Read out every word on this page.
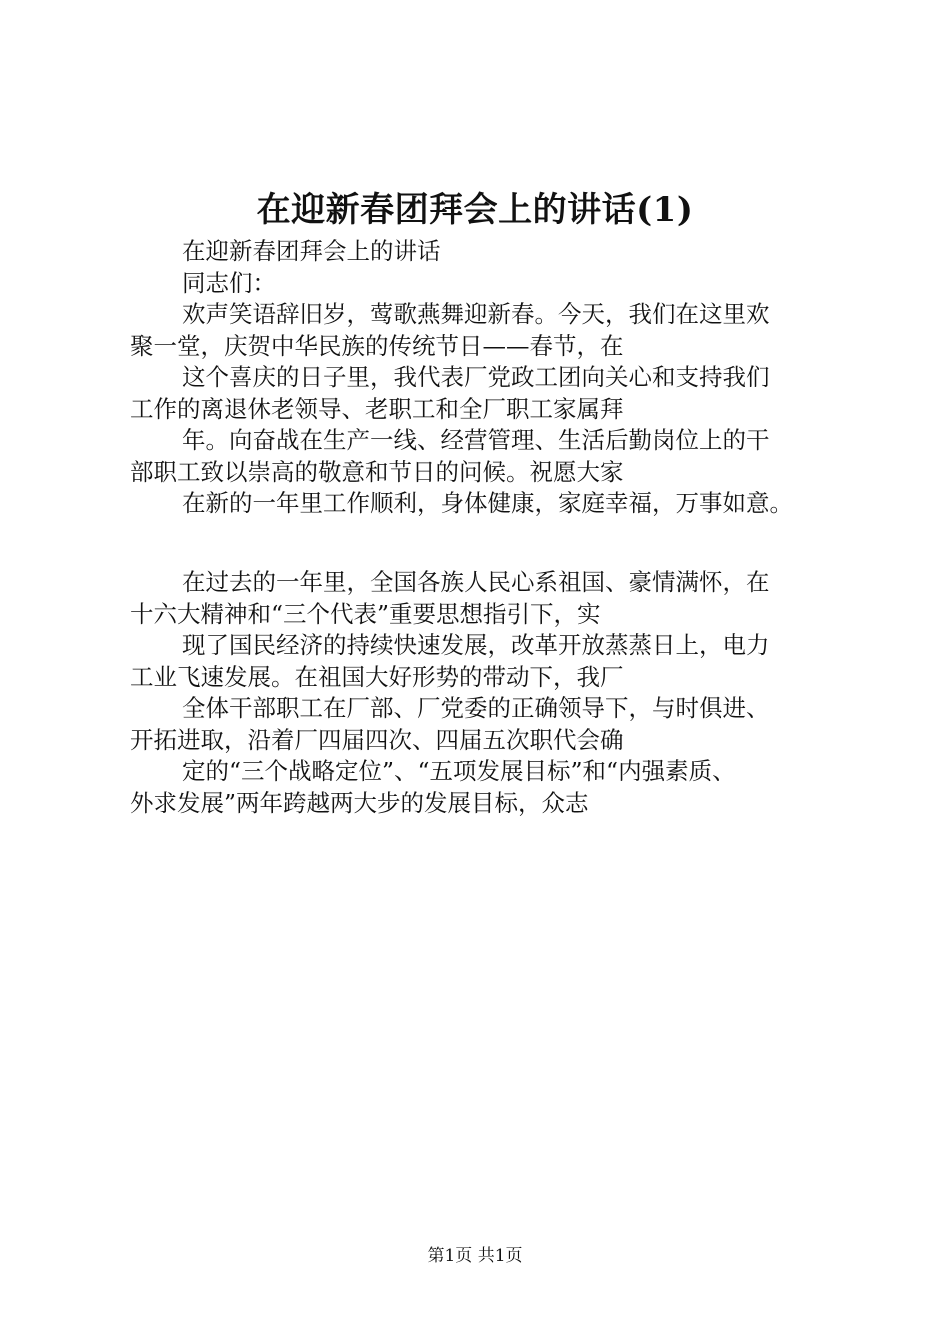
在迎新春团拜会上的讲话(1)

在迎新春团拜会上的讲话

同志们：

欢声笑语辞旧岁，莺歌燕舞迎新春。今天，我们在这里欢

聚一堂，庆贺中华民族的传统节日——春节，在

这个喜庆的日子里，我代表厂党政工团向关心和支持我们

工作的离退休老领导、老职工和全厂职工家属拜

年。向奋战在生产一线、经营管理、生活后勤岗位上的干

部职工致以崇高的敬意和节日的问候。祝愿大家

在新的一年里工作顺利，身体健康，家庭幸福，万事如意。

在过去的一年里，全国各族人民心系祖国、豪情满怀，在

十六大精神和“三个代表”重要思想指引下，实

现了国民经济的持续快速发展，改革开放蒸蒸日上，电力

工业飞速发展。在祖国大好形势的带动下，我厂

全体干部职工在厂部、厂党委的正确领导下，与时俱进、

开拓进取，沿着厂四届四次、四届五次职代会确

定的“三个战略定位”、“五项发展目标”和“内强素质、

外求发展”两年跨越两大步的发展目标，众志

第1页 共1页
